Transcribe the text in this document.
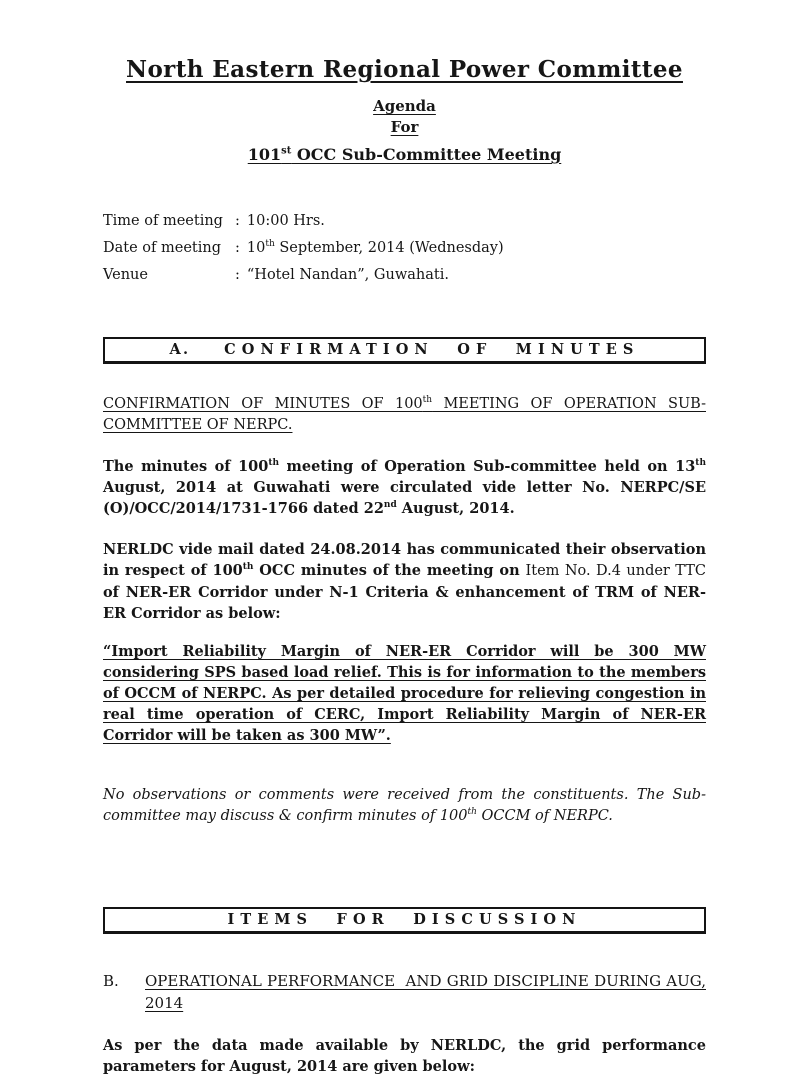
North Eastern Regional Power Committee
Agenda
For
101st OCC Sub-Committee Meeting
Time of meeting : 10:00 Hrs.
Date of meeting : 10th September, 2014 (Wednesday)
Venue	: “Hotel Nandan”, Guwahati.
A. CONFIRMATION OF MINUTES

CONFIRMATION OF MINUTES OF 100th MEETING OF OPERATION SUB-COMMITTEE OF NERPC.

The minutes of 100th meeting of Operation Sub-committee held on 13th August, 2014 at Guwahati were circulated vide letter No. NERPC/SE (O)/OCC/2014/1731-1766 dated 22nd August, 2014.

NERLDC vide mail dated 24.08.2014 has communicated their observation in respect of 100th OCC minutes of the meeting on Item No. D.4 under TTC of NER-ER Corridor under N-1 Criteria & enhancement of TRM of NER-ER Corridor as below:

“Import Reliability Margin of NER-ER Corridor will be 300 MW considering SPS based load relief. This is for information to the members of OCCM of NERPC. As per detailed procedure for relieving congestion in real time operation of CERC, Import Reliability Margin of NER-ER Corridor will be taken as 300 MW”.

No observations or comments were received from the constituents. The Sub-committee may discuss & confirm minutes of 100th OCCM of NERPC.

ITEMS FOR DISCUSSION
B.	OPERATIONAL PERFORMANCE  AND GRID DISCIPLINE DURING AUG, 2014

As per the data made available by NERLDC, the grid performance parameters for August, 2014 are given below:
